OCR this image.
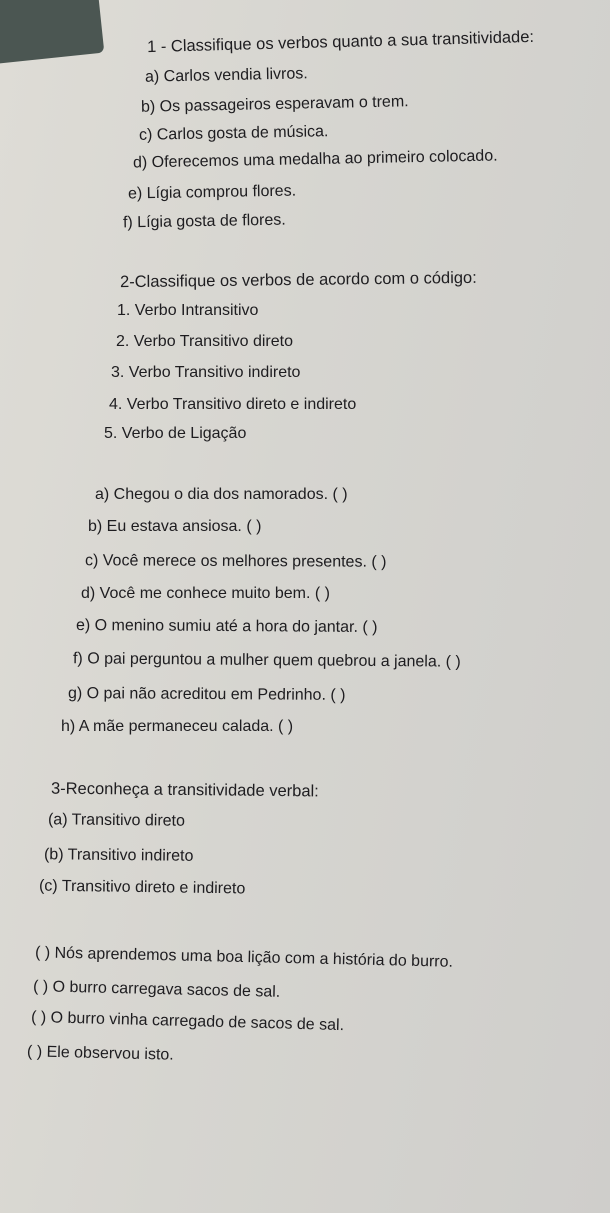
1 - Classifique os verbos quanto a sua transitividade:
a) Carlos vendia livros.
b) Os passageiros esperavam o trem.
c) Carlos gosta de música.
d) Oferecemos uma medalha ao primeiro colocado.
e) Lígia comprou flores.
f) Lígia gosta de flores.
2-Classifique os verbos de acordo com o código:
1. Verbo Intransitivo
2. Verbo Transitivo direto
3. Verbo Transitivo indireto
4. Verbo Transitivo direto e indireto
5. Verbo de Ligação
a) Chegou o dia dos namorados. ( )
b) Eu estava ansiosa. ( )
c) Você merece os melhores presentes. ( )
d) Você me conhece muito bem. ( )
e) O menino sumiu até a hora do jantar. ( )
f) O pai perguntou a mulher quem quebrou a janela. ( )
g) O pai não acreditou em Pedrinho. ( )
h) A mãe permaneceu calada. ( )
3-Reconheça a transitividade verbal:
(a) Transitivo direto
(b) Transitivo indireto
(c) Transitivo direto e indireto
( ) Nós aprendemos uma boa lição com a história do burro.
( ) O burro carregava sacos de sal.
( ) O burro vinha carregado de sacos de sal.
( ) Ele observou isto.
